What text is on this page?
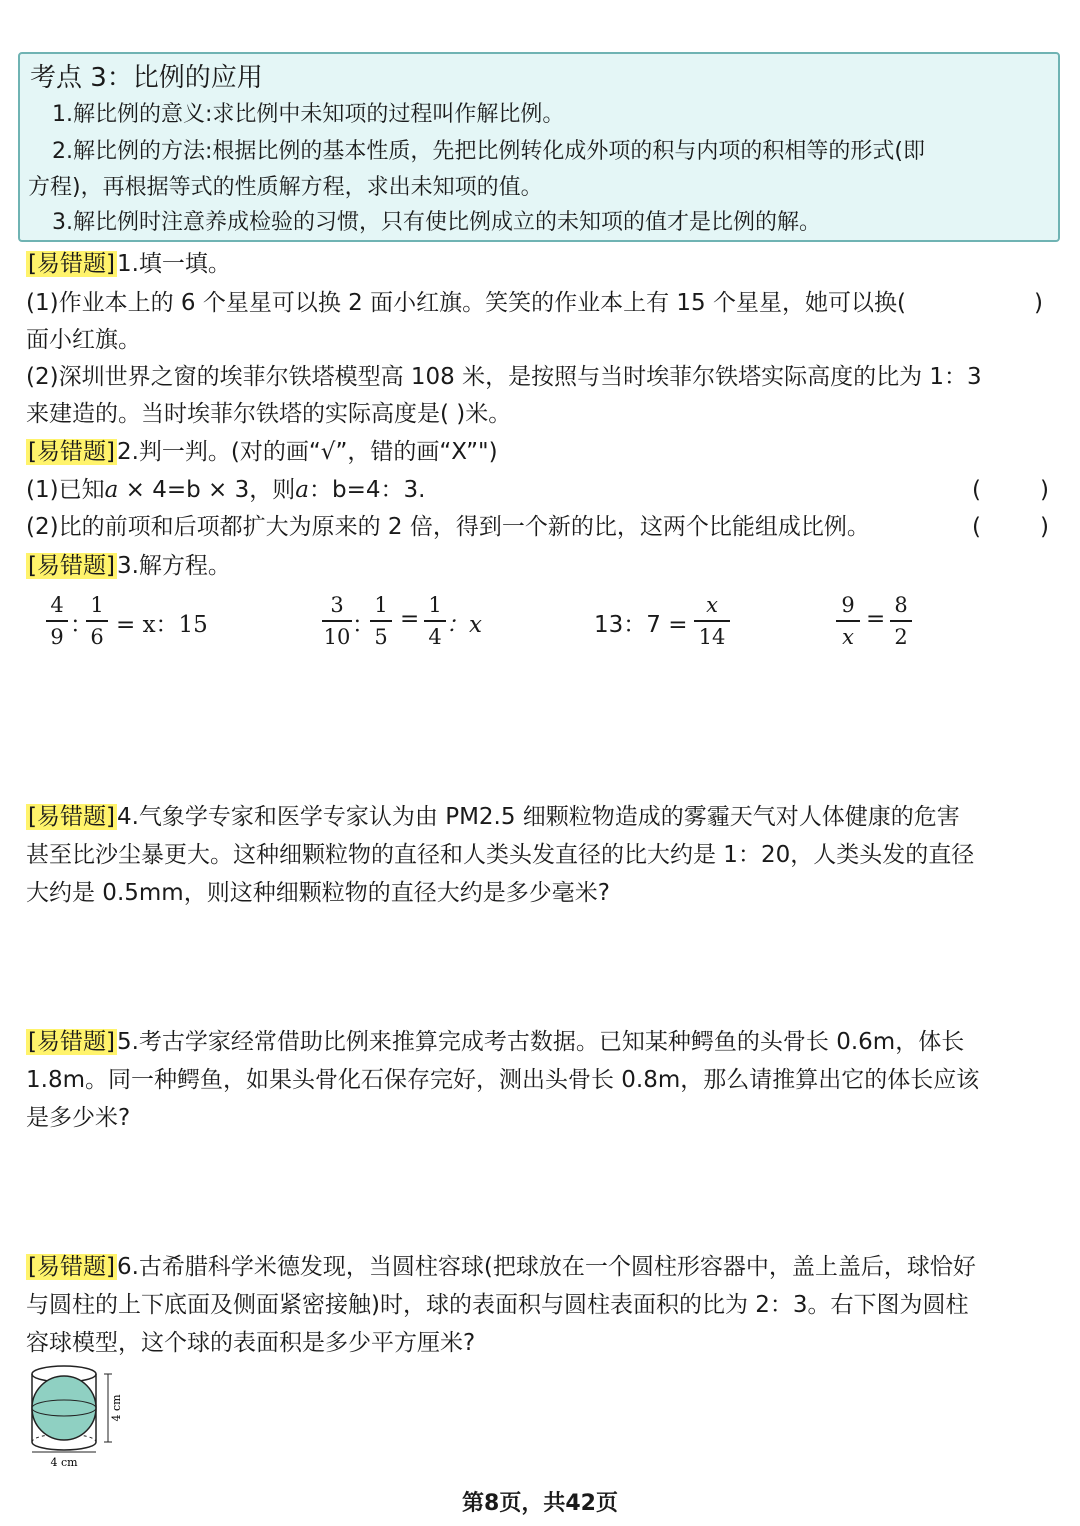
考点 3：比例的应用
1.解比例的意义:求比例中未知项的过程叫作解比例。
2.解比例的方法:根据比例的基本性质，先把比例转化成外项的积与内项的积相等的形式(即
方程)，再根据等式的性质解方程，求出未知项的值。
3.解比例时注意养成检验的习惯，只有使比例成立的未知项的值才是比例的解。
[易错题]1.填一填。
(1)作业本上的 6 个星星可以换 2 面小红旗。笑笑的作业本上有 15 个星星，她可以换(	)
面小红旗。
(2)深圳世界之窗的埃菲尔铁塔模型高 108 米，是按照与当时埃菲尔铁塔实际高度的比为 1：3
来建造的。当时埃菲尔铁塔的实际高度是( )米。
[易错题]2.判一判。(对的画“√”，错的画“X”")
(1)已知a × 4=b × 3，则a：b=4：3.	(	)
(2)比的前项和后项都扩大为原来的 2 倍，得到一个新的比，这两个比能组成比例。	(	)
[易错题]3.解方程。
4
9 ：
1
6 = x：15
3
10 ：
1
5
=
1
4 ：x	13：7 =
x
14
9
x
=
8
2
[易错题]4.气象学专家和医学专家认为由 PM2.5 细颗粒物造成的雾霾天气对人体健康的危害
甚至比沙尘暴更大。这种细颗粒物的直径和人类头发直径的比大约是 1：20，人类头发的直径
大约是 0.5mm，则这种细颗粒物的直径大约是多少毫米?
[易错题]5.考古学家经常借助比例来推算完成考古数据。已知某种鳄鱼的头骨长 0.6m，体长
1.8m。同一种鳄鱼，如果头骨化石保存完好，测出头骨长 0.8m，那么请推算出它的体长应该
是多少米?
[易错题]6.古希腊科学米德发现，当圆柱容球(把球放在一个圆柱形容器中，盖上盖后，球恰好
与圆柱的上下底面及侧面紧密接触)时，球的表面积与圆柱表面积的比为 2：3。右下图为圆柱
容球模型，这个球的表面积是多少平方厘米?
4 cm
4 cm
第8页，共42页
